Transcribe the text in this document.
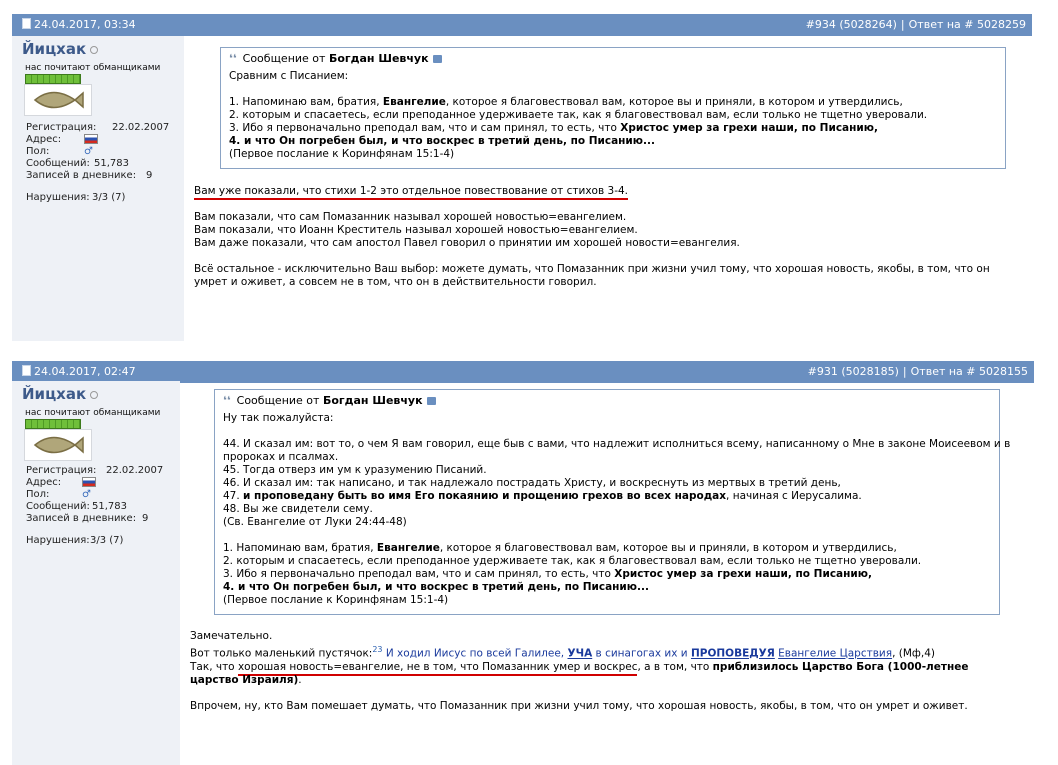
24.04.2017, 03:34	#934 (5028264) | Ответ на # 5028259
Йицхак
нас почитают обманщиками
Регистрация: 22.02.2007
Адрес:
Пол:	♂
Сообщений: 51,783
Записей в дневнике: 9
Нарушения: 3/3 (7)
❛❛ Сообщение от Богдан Шевчук

Сравним с Писанием:

1. Напоминаю вам, братия, Евангелие, которое я благовествовал вам, которое вы и приняли, в котором и утвердились,

2. которым и спасаетесь, если преподанное удерживаете так, как я благовествовал вам, если только не тщетно уверовали.

3. Ибо я первоначально преподал вам, что и сам принял, то есть, что Христос умер за грехи наши, по Писанию,

4. и что Он погребен был, и что воскрес в третий день, по Писанию...

(Первое послание к Коринфянам 15:1-4)

Вам уже показали, что стихи 1-2 это отдельное повествование от стихов 3-4.

Вам показали, что сам Помазанник называл хорошей новостью=евангелием.

Вам показали, что Иоанн Креститель называл хорошей новостью=евангелием.

Вам даже показали, что сам апостол Павел говорил о принятии им хорошей новости=евангелия.

Всё остальное - исключительно Ваш выбор: можете думать, что Помазанник при жизни учил тому, что хорошая новость, якобы, в том, что он

умрет и оживет, а совсем не в том, что он в действительности говорил.

24.04.2017, 02:47	#931 (5028185) | Ответ на # 5028155
Йицхак
нас почитают обманщиками
Регистрация: 22.02.2007
Адрес:
Пол:	♂
Сообщений: 51,783
Записей в дневнике: 9
Нарушения: 3/3 (7)
❛❛ Сообщение от Богдан Шевчук

Ну так пожалуйста:

44. И сказал им: вот то, о чем Я вам говорил, еще быв с вами, что надлежит исполниться всему, написанному о Мне в законе Моисеевом и в

пророках и псалмах.

45. Тогда отверз им ум к уразумению Писаний.

46. И сказал им: так написано, и так надлежало пострадать Христу, и воскреснуть из мертвых в третий день,

47. и проповедану быть во имя Его покаянию и прощению грехов во всех народах, начиная с Иерусалима.

48. Вы же свидетели сему.

(Св. Евангелие от Луки 24:44-48)

1. Напоминаю вам, братия, Евангелие, которое я благовествовал вам, которое вы и приняли, в котором и утвердились,

2. которым и спасаетесь, если преподанное удерживаете так, как я благовествовал вам, если только не тщетно уверовали.

3. Ибо я первоначально преподал вам, что и сам принял, то есть, что Христос умер за грехи наши, по Писанию,

4. и что Он погребен был, и что воскрес в третий день, по Писанию...

(Первое послание к Коринфянам 15:1-4)

Замечательно.

Вот только маленький пустячок:$^{23}$ И ходил Иисус по всей Галилее, УЧА в синагогах их и ПРОПОВЕДУЯ Евангелие Царствия, (Мф,4)

Так, что хорошая новость=евангелие, не в том, что Помазанник умер и воскрес, а в том, что приблизилось Царство Бога (1000-летнее

царство Израиля).

Впрочем, ну, кто Вам помешает думать, что Помазанник при жизни учил тому, что хорошая новость, якобы, в том, что он умрет и оживет.
